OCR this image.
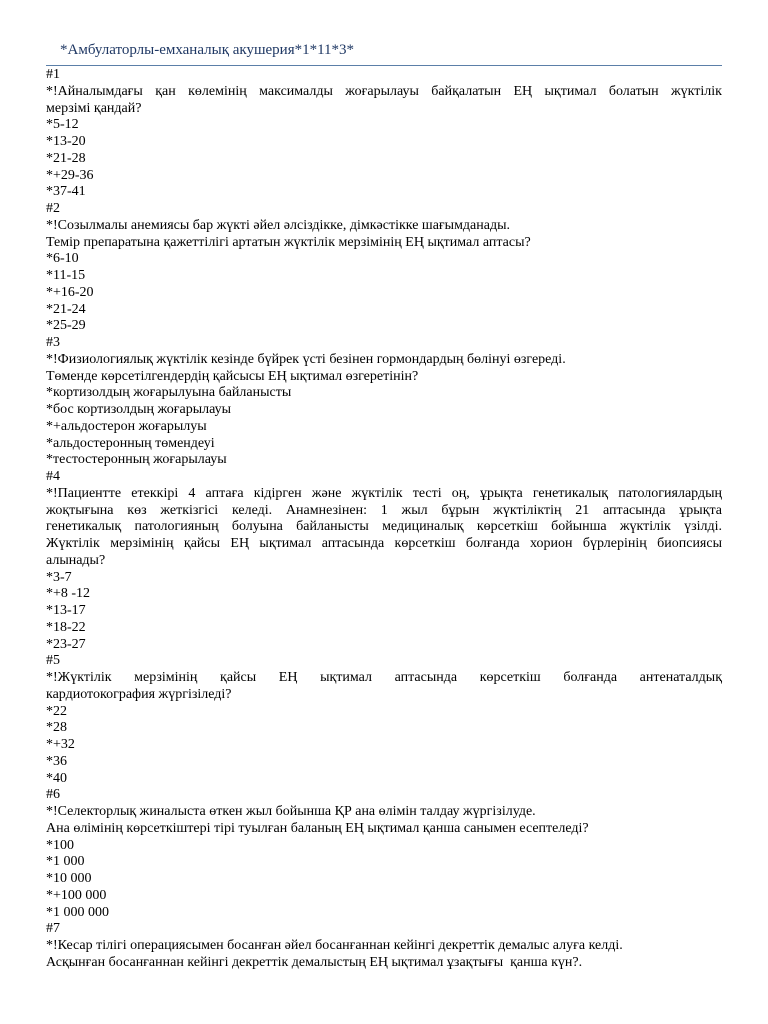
*Амбулаторлы-емханалық акушерия*1*11*3*
#1
*!Айналымдағы қан көлемінің максималды жоғарылауы байқалатын ЕҢ ықтимал болатын жүктілік
мерзімі қандай?
*5-12
*13-20
*21-28
*+29-36
*37-41
#2
*!Созылмалы анемиясы бар жүкті әйел әлсіздікке, дімкәстікке шағымданады.
Темір препаратына қажеттілігі артатын жүктілік мерзімінің ЕҢ ықтимал аптасы?
*6-10
*11-15
*+16-20
*21-24
*25-29
#3
*!Физиологиялық жүктілік кезінде бүйрек үсті безінен гормондардың бөлінуі өзгереді.
Төменде көрсетілгендердің қайсысы ЕҢ ықтимал өзгеретінін?
*кортизолдың жоғарылуына байланысты
*бос кортизолдың жоғарылауы
*+альдостерон жоғарылуы
*альдостеронның төмендеуі
*тестостеронның жоғарылауы
#4
*!Пациентте етеккірі 4 аптаға кідірген және жүктілік тесті оң, ұрықта генетикалық патологиялардың
жоқтығына көз жеткізгісі келеді. Анамнезінен: 1 жыл бұрын жүктіліктің 21 аптасында ұрықта
генетикалық патологияның болуына байланысты медициналық көрсеткіш бойынша жүктілік үзілді.
Жүктілік мерзімінің қайсы ЕҢ ықтимал аптасында көрсеткіш болғанда хорион бүрлерінің биопсиясы
алынады?
*3-7
*+8 -12
*13-17
*18-22
*23-27
#5
*!Жүктілік мерзімінің қайсы ЕҢ ықтимал аптасында көрсеткіш болғанда антенаталдық
кардиотокография жүргізіледі?
*22
*28
*+32
*36
*40
#6
*!Селекторлық жиналыста өткен жыл бойынша ҚР ана өлімін талдау жүргізілуде.
Ана өлімінің көрсеткіштері тірі туылған баланың ЕҢ ықтимал қанша санымен есептеледі?
*100
*1 000
*10 000
*+100 000
*1 000 000
#7
*!Кесар тілігі операциясымен босанған әйел босанғаннан кейінгі декреттік демалыс алуға келді.
Асқынған босанғаннан кейінгі декреттік демалыстың ЕҢ ықтимал ұзақтығы  қанша күн?.
